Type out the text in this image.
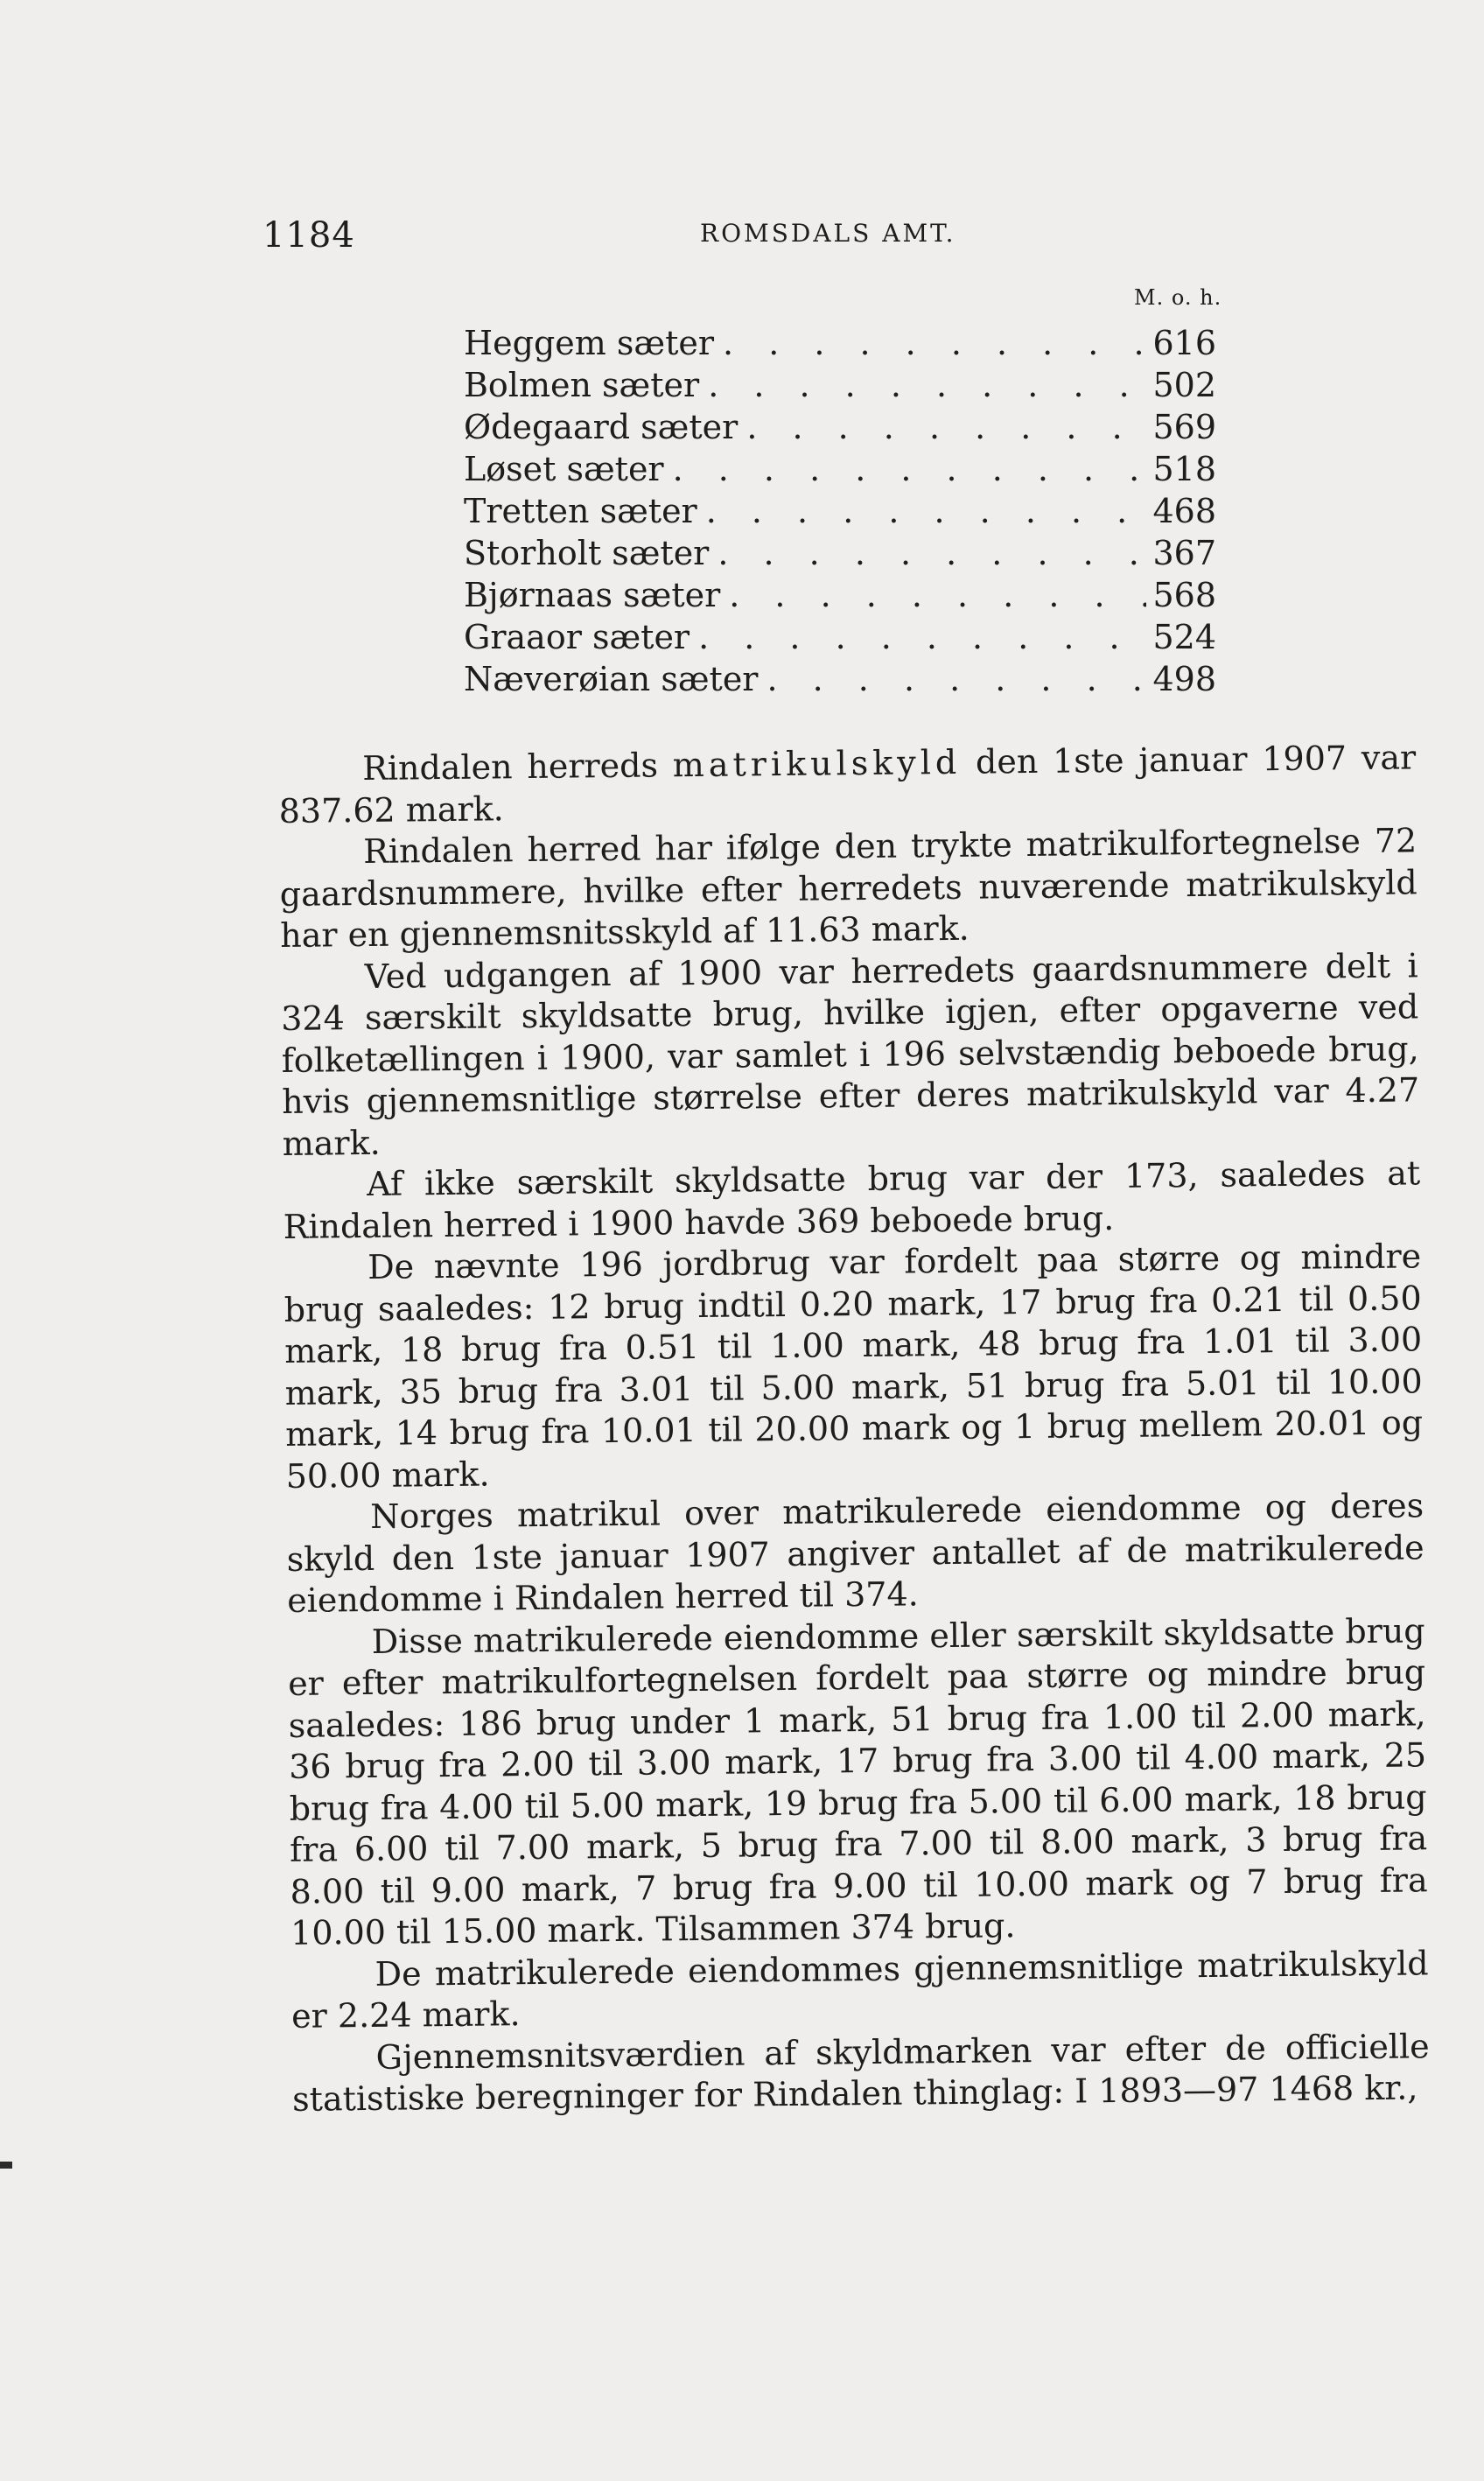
1184	ROMSDALS AMT.
M. o. h.
Heggem sæter . . .	616
Bolmen sæter . . .	502
Ødegaard sæter . . .	569
Løset sæter . . .	518
Tretten sæter . . .	468
Storholt sæter . . .	367
Bjørnaas sæter . . .	568
Graaor sæter . . .	524
Næverøian sæter . . .	498

Rindalen herreds matrikulskyld den 1ste januar 1907 var 837.62 mark.

Rindalen herred har ifølge den trykte matrikulfortegnelse 72 gaardsnummere, hvilke efter herredets nuværende matrikulskyld har en gjennemsnitsskyld af 11.63 mark.

Ved udgangen af 1900 var herredets gaardsnummere delt i 324 særskilt skyldsatte brug, hvilke igjen, efter opgaverne ved folketællingen i 1900, var samlet i 196 selvstændig beboede brug, hvis gjennemsnitlige størrelse efter deres matrikulskyld var 4.27 mark.

Af ikke særskilt skyldsatte brug var der 173, saaledes at Rindalen herred i 1900 havde 369 beboede brug.

De nævnte 196 jordbrug var fordelt paa større og mindre brug saaledes: 12 brug indtil 0.20 mark, 17 brug fra 0.21 til 0.50 mark, 18 brug fra 0.51 til 1.00 mark, 48 brug fra 1.01 til 3.00 mark, 35 brug fra 3.01 til 5.00 mark, 51 brug fra 5.01 til 10.00 mark, 14 brug fra 10.01 til 20.00 mark og 1 brug mellem 20.01 og 50.00 mark.

Norges matrikul over matrikulerede eiendomme og deres skyld den 1ste januar 1907 angiver antallet af de matrikulerede eiendomme i Rindalen herred til 374.

Disse matrikulerede eiendomme eller særskilt skyldsatte brug er efter matrikulfortegnelsen fordelt paa større og mindre brug saaledes: 186 brug under 1 mark, 51 brug fra 1.00 til 2.00 mark, 36 brug fra 2.00 til 3.00 mark, 17 brug fra 3.00 til 4.00 mark, 25 brug fra 4.00 til 5.00 mark, 19 brug fra 5.00 til 6.00 mark, 18 brug fra 6.00 til 7.00 mark, 5 brug fra 7.00 til 8.00 mark, 3 brug fra 8.00 til 9.00 mark, 7 brug fra 9.00 til 10.00 mark og 7 brug fra 10.00 til 15.00 mark. Tilsammen 374 brug.

De matrikulerede eiendommes gjennemsnitlige matrikulskyld er 2.24 mark.

Gjennemsnitsværdien af skyldmarken var efter de officielle statistiske beregninger for Rindalen thinglag: I 1893—97 1468 kr.,
